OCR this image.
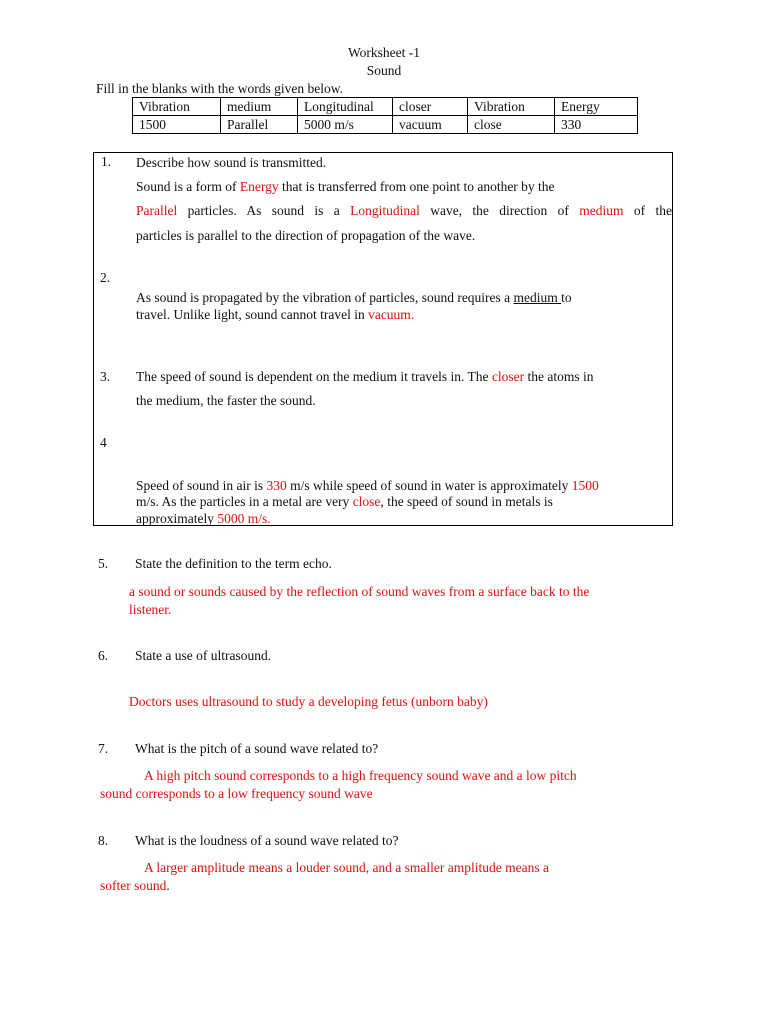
Worksheet -1
Sound
Fill in the blanks with the words given below.
Vibration	medium	Longitudinal	closer	Vibration	Energy
1500	Parallel	5000 m/s	vacuum	close	330
1. Describe how sound is transmitted.
Sound is a form of Energy that is transferred from one point to another by the
Parallel particles. As sound is a Longitudinal wave, the direction of medium of the
particles is parallel to the direction of propagation of the wave.
2.
As sound is propagated by the vibration of particles, sound requires a medium to
travel. Unlike light, sound cannot travel in vacuum.
3. The speed of sound is dependent on the medium it travels in. The closer the atoms in
the medium, the faster the sound.
4
Speed of sound in air is 330 m/s while speed of sound in water is approximately 1500
m/s. As the particles in a metal are very close, the speed of sound in metals is
approximately 5000 m/s.
5. State the definition to the term echo.
a sound or sounds caused by the reflection of sound waves from a surface back to the
listener.
6. State a use of ultrasound.
Doctors uses ultrasound to study a developing fetus (unborn baby)
7. What is the pitch of a sound wave related to?
A high pitch sound corresponds to a high frequency sound wave and a low pitch
sound corresponds to a low frequency sound wave
8. What is the loudness of a sound wave related to?
A larger amplitude means a louder sound, and a smaller amplitude means a
softer sound.
